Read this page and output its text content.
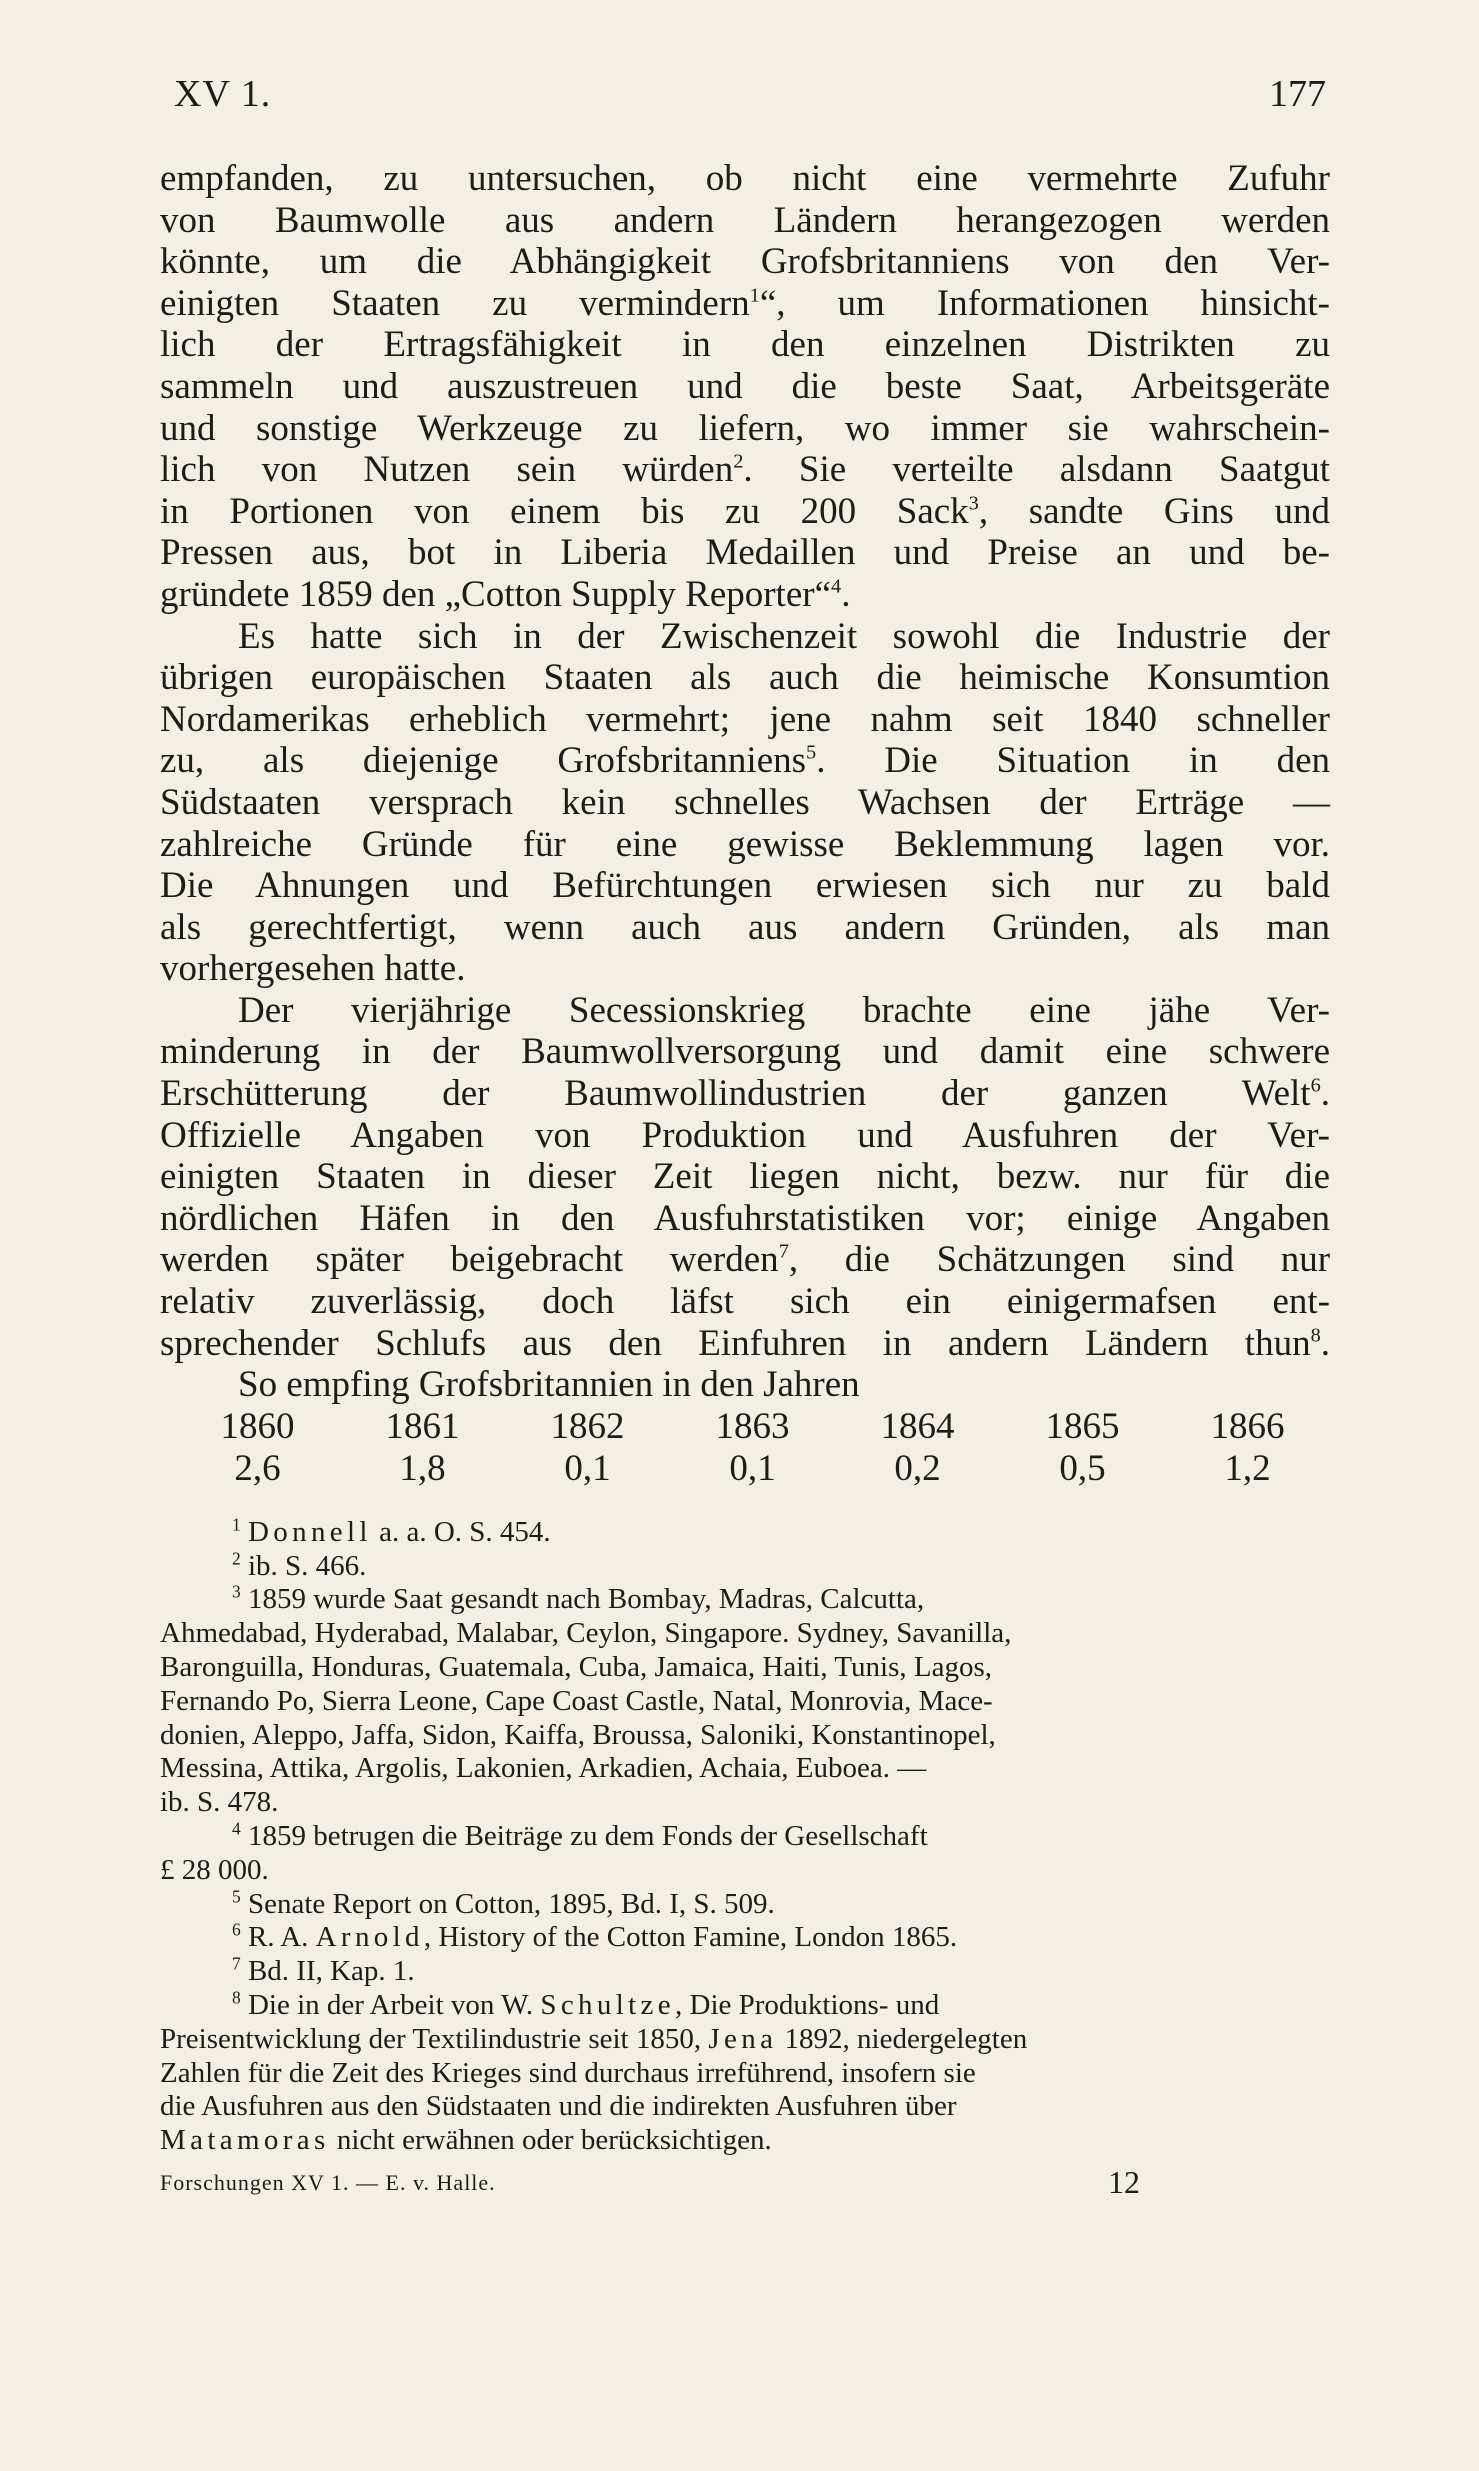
XV 1.	177

empfanden, zu untersuchen, ob nicht eine vermehrte Zufuhr
von Baumwolle aus andern Ländern herangezogen werden
könnte, um die Abhängigkeit Grofsbritanniens von den Ver-
einigten Staaten zu vermindern$^1$“, um Informationen hinsicht-
lich der Ertragsfähigkeit in den einzelnen Distrikten zu
sammeln und auszustreuen und die beste Saat, Arbeitsgeräte
und sonstige Werkzeuge zu liefern, wo immer sie wahrschein-
lich von Nutzen sein würden$^2$. Sie verteilte alsdann Saatgut
in Portionen von einem bis zu 200 Sack$^3$, sandte Gins und
Pressen aus, bot in Liberia Medaillen und Preise an und be-
gründete 1859 den „Cotton Supply Reporter“$^4$.

Es hatte sich in der Zwischenzeit sowohl die Industrie der
übrigen europäischen Staaten als auch die heimische Konsumtion
Nordamerikas erheblich vermehrt; jene nahm seit 1840 schneller
zu, als diejenige Grofsbritanniens$^5$. Die Situation in den
Südstaaten versprach kein schnelles Wachsen der Erträge —
zahlreiche Gründe für eine gewisse Beklemmung lagen vor.
Die Ahnungen und Befürchtungen erwiesen sich nur zu bald
als gerechtfertigt, wenn auch aus andern Gründen, als man
vorhergesehen hatte.

Der vierjährige Secessionskrieg brachte eine jähe Ver-
minderung in der Baumwollversorgung und damit eine schwere
Erschütterung der Baumwollindustrien der ganzen Welt$^6$.
Offizielle Angaben von Produktion und Ausfuhren der Ver-
einigten Staaten in dieser Zeit liegen nicht, bezw. nur für die
nördlichen Häfen in den Ausfuhrstatistiken vor; einige Angaben
werden später beigebracht werden$^7$, die Schätzungen sind nur
relativ zuverlässig, doch läfst sich ein einigermafsen ent-
sprechender Schlufs aus den Einfuhren in andern Ländern thun$^8$.

So empfing Grofsbritannien in den Jahren

1860	1861	1862	1863	1864	1865	1866
2,6	1,8	0,1	0,1	0,2	0,5	1,2
$^1$ Donnell a. a. O. S. 454.
$^2$ ib. S. 466.
$^3$ 1859 wurde Saat gesandt nach Bombay, Madras, Calcutta,
Ahmedabad, Hyderabad, Malabar, Ceylon, Singapore. Sydney, Savanilla,
Baronguilla, Honduras, Guatemala, Cuba, Jamaica, Haiti, Tunis, Lagos,
Fernando Po, Sierra Leone, Cape Coast Castle, Natal, Monrovia, Mace-
donien, Aleppo, Jaffa, Sidon, Kaiffa, Broussa, Saloniki, Konstantinopel,
Messina, Attika, Argolis, Lakonien, Arkadien, Achaia, Euboea. —
ib. S. 478.
$^4$ 1859 betrugen die Beiträge zu dem Fonds der Gesellschaft
£ 28 000.
$^5$ Senate Report on Cotton, 1895, Bd. I, S. 509.
$^6$ R. A. Arnold, History of the Cotton Famine, London 1865.
$^7$ Bd. II, Kap. 1.
$^8$ Die in der Arbeit von W. Schultze, Die Produktions- und
Preisentwicklung der Textilindustrie seit 1850, Jena 1892, niedergelegten
Zahlen für die Zeit des Krieges sind durchaus irreführend, insofern sie
die Ausfuhren aus den Südstaaten und die indirekten Ausfuhren über
Matamoras nicht erwähnen oder berücksichtigen.
Forschungen XV 1. — E. v. Halle.	12
